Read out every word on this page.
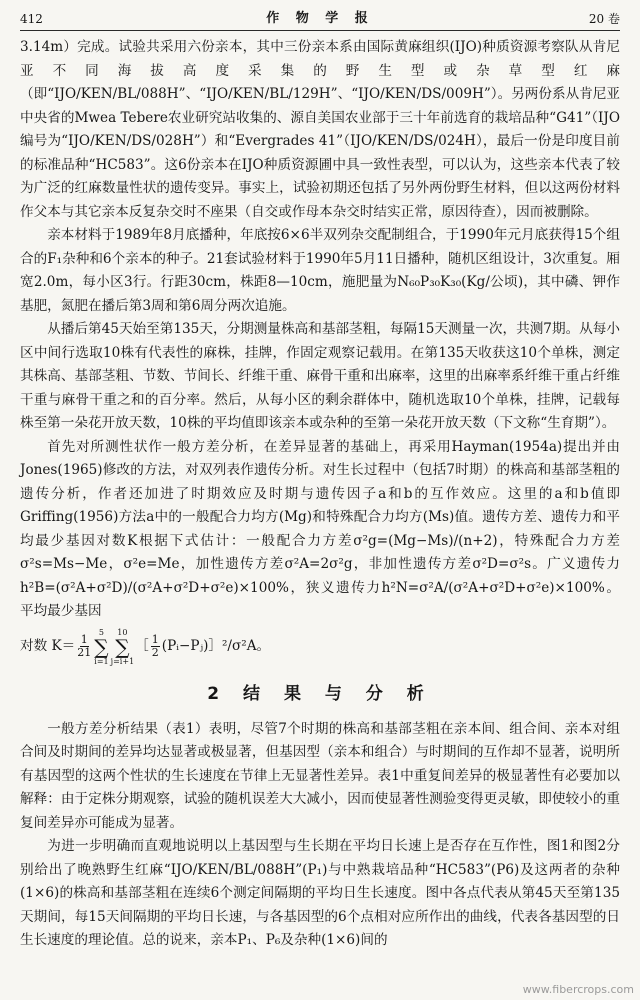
412	作 物 学 报	20 卷

3.14m）完成。试验共采用六份亲本，其中三份亲本系由国际黄麻组织(IJO)种质资源考察队从肯尼亚不同海拔高度采集的野生型或杂草型红麻（即“IJO/KEN/BL/088H”、“IJO/KEN/BL/129H”、“IJO/KEN/DS/009H”）。另两份系从肯尼亚中央省的Mwea Tebere农业研究站收集的、源自美国农业部于三十年前选育的栽培品种“G41”（IJO编号为“IJO/KEN/DS/028H”）和“Evergrades 41”（IJO/KEN/DS/024H），最后一份是印度目前的标准品种“HC583”。这6份亲本在IJO种质资源圃中具一致性表型，可以认为，这些亲本代表了较为广泛的红麻数量性状的遗传变异。事实上，试验初期还包括了另外两份野生材料，但以这两份材料作父本与其它亲本反复杂交时不座果（自交或作母本杂交时结实正常，原因待查），因而被删除。

亲本材料于1989年8月底播种，年底按6×6半双列杂交配制组合，于1990年元月底获得15个组合的F₁杂种和6个亲本的种子。21套试验材料于1990年5月11日播种，随机区组设计，3次重复。厢宽2.0m，每小区3行。行距30cm，株距8—10cm，施肥量为N₆₀P₃₀K₃₀(Kg/公顷)，其中磷、钾作基肥，氮肥在播后第3周和第6周分两次追施。

从播后第45天始至第135天，分期测量株高和基部茎粗，每隔15天测量一次，共测7期。从每小区中间行选取10株有代表性的麻株，挂牌，作固定观察记载用。在第135天收获这10个单株，测定其株高、基部茎粗、节数、节间长、纤维干重、麻骨干重和出麻率，这里的出麻率系纤维干重占纤维干重与麻骨干重之和的百分率。然后，从每小区的剩余群体中，随机选取10个单株，挂牌，记载每株至第一朵花开放天数，10株的平均值即该亲本或杂种的至第一朵花开放天数（下文称“生育期”）。

首先对所测性状作一般方差分析，在差异显著的基础上，再采用Hayman(1954a)提出并由Jones(1965)修改的方法，对双列表作遗传分析。对生长过程中（包括7时期）的株高和基部茎粗的遗传分析，作者还加进了时期效应及时期与遗传因子a和b的互作效应。这里的a和b值即Griffing(1956)方法a中的一般配合力均方(Mg)和特殊配合力均方(Ms)值。遗传方差、遗传力和平均最少基因对数K根据下式估计：一般配合力方差σ²g=(Mg−Ms)/(n+2)，特殊配合力方差σ²s=Ms−Me，σ²e=Me，加性遗传方差σ²A=2σ²g，非加性遗传方差σ²D=σ²s。广义遗传力h²B=(σ²A+σ²D)/(σ²A+σ²D+σ²e)×100%，狭义遗传力h²N=σ²A/(σ²A+σ²D+σ²e)×100%。平均最少基因

对数 $K= \frac{1}{21}$
5
∑
i=1
10
∑
j=i+1
［ $\frac{1}{2}$ (Pᵢ−Pⱼ)］²/σ²A。
2 结 果 与 分 析

一般方差分析结果（表1）表明，尽管7个时期的株高和基部茎粗在亲本间、组合间、亲本对组合间及时期间的差异均达显著或极显著，但基因型（亲本和组合）与时期间的互作却不显著，说明所有基因型的这两个性状的生长速度在节律上无显著性差异。表1中重复间差异的极显著性有必要加以解释：由于定株分期观察，试验的随机误差大大减小，因而使显著性测验变得更灵敏，即使较小的重复间差异亦可能成为显著。

为进一步明确而直观地说明以上基因型与生长期在平均日长速上是否存在互作性，图1和图2分别给出了晚熟野生红麻“IJO/KEN/BL/088H”(P₁)与中熟栽培品种“HC583”(P6)及这两者的杂种(1×6)的株高和基部茎粗在连续6个测定间隔期的平均日生长速度。图中各点代表从第45天至第135天期间，每15天间隔期的平均日长速，与各基因型的6个点相对应所作出的曲线，代表各基因型的日生长速度的理论值。总的说来，亲本P₁、P₆及杂种(1×6)间的

www.fibercrops.com
